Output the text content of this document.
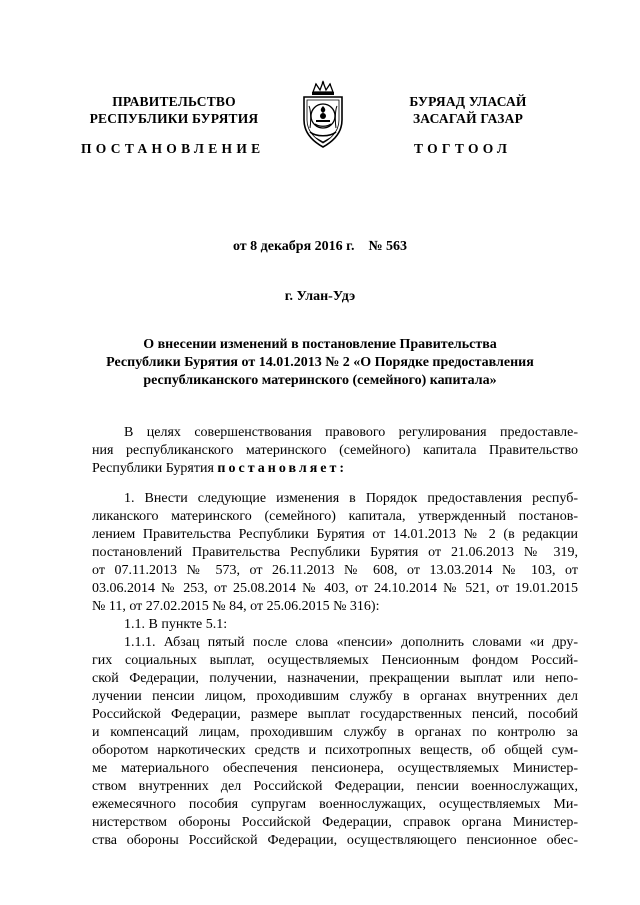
ПРАВИТЕЛЬСТВО
РЕСПУБЛИКИ БУРЯТИЯ
БУРЯАД УЛАСАЙ
ЗАСАГАЙ ГАЗАР
ПОСТАНОВЛЕНИЕ	ТОГТООЛ
от 8 декабря 2016 г. № 563
г. Улан-Удэ
О внесении изменений в постановление Правительства
Республики Бурятия от 14.01.2013 № 2 «О Порядке предоставления
республиканского материнского (семейного) капитала»
В целях совершенствования правового регулирования предоставле-
ния республиканского материнского (семейного) капитала Правительство
Республики Бурятия постановляет:
1. Внести следующие изменения в Порядок предоставления респуб-
ликанского материнского (семейного) капитала, утвержденный постанов-
лением Правительства Республики Бурятия от 14.01.2013 № 2 (в редакции
постановлений Правительства Республики Бурятия от 21.06.2013 № 319,
от 07.11.2013 № 573, от 26.11.2013 № 608, от 13.03.2014 № 103, от
03.06.2014 № 253, от 25.08.2014 № 403, от 24.10.2014 № 521, от 19.01.2015
№ 11, от 27.02.2015 № 84, от 25.06.2015 № 316):
1.1. В пункте 5.1:
1.1.1. Абзац пятый после слова «пенсии» дополнить словами «и дру-
гих социальных выплат, осуществляемых Пенсионным фондом Россий-
ской Федерации, получении, назначении, прекращении выплат или непо-
лучении пенсии лицом, проходившим службу в органах внутренних дел
Российской Федерации, размере выплат государственных пенсий, пособий
и компенсаций лицам, проходившим службу в органах по контролю за
оборотом наркотических средств и психотропных веществ, об общей сум-
ме материального обеспечения пенсионера, осуществляемых Министер-
ством внутренних дел Российской Федерации, пенсии военнослужащих,
ежемесячного пособия супругам военнослужащих, осуществляемых Ми-
нистерством обороны Российской Федерации, справок органа Министер-
ства обороны Российской Федерации, осуществляющего пенсионное обес-
